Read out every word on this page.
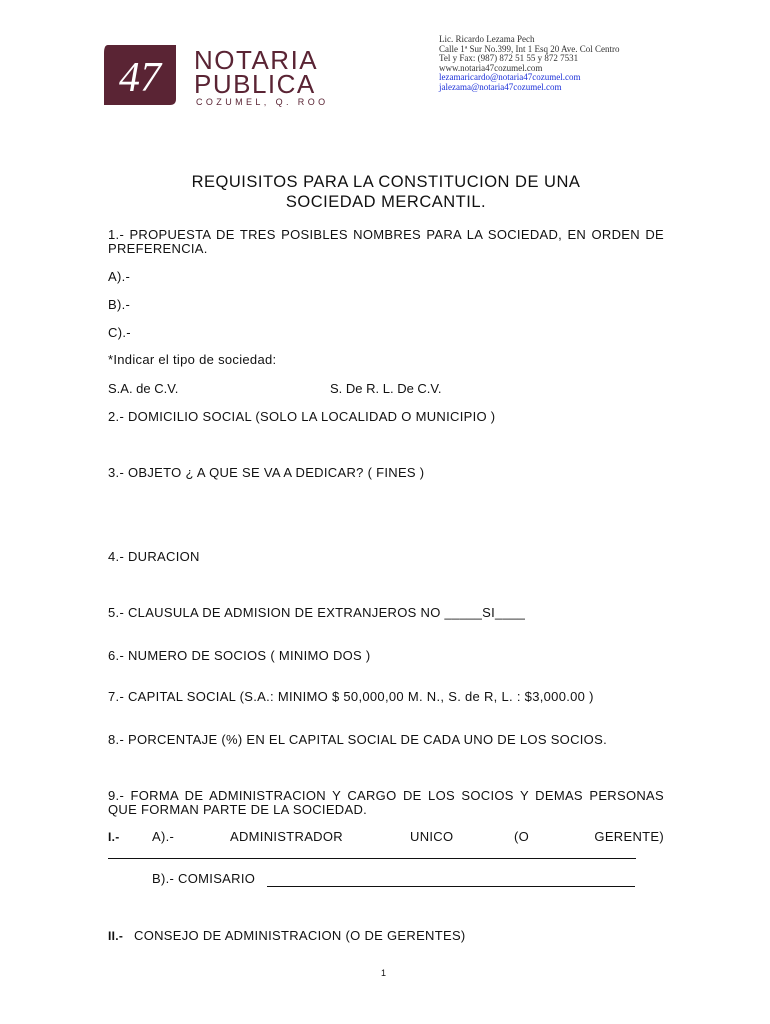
47 NOTARIA
PUBLICA
COZUMEL, Q. ROO
Lic. Ricardo Lezama Pech
Calle 1ª Sur No.399, Int 1 Esq 20 Ave. Col Centro
Tel y Fax: (987) 872 51 55 y 872 7531
www.notaria47cozumel.com
lezamaricardo@notaria47cozumel.com
jalezama@notaria47cozumel.com
REQUISITOS PARA LA CONSTITUCION DE UNA
SOCIEDAD MERCANTIL.

1.- PROPUESTA DE TRES POSIBLES NOMBRES PARA LA SOCIEDAD, EN ORDEN DE PREFERENCIA.

A).-

B).-

C).-

*Indicar el tipo de sociedad:

S.A. de C.V.	S. De R. L. De C.V.

2.- DOMICILIO SOCIAL (SOLO LA LOCALIDAD O MUNICIPIO )

3.- OBJETO ¿ A QUE SE VA A DEDICAR? ( FINES )

4.- DURACION

5.- CLAUSULA DE ADMISION DE EXTRANJEROS NO _____SI____

6.- NUMERO DE SOCIOS ( MINIMO DOS )

7.- CAPITAL SOCIAL (S.A.: MINIMO $ 50,000,00 M. N., S. de R, L. : $3,000.00 )

8.- PORCENTAJE (%) EN EL CAPITAL SOCIAL DE CADA UNO DE LOS SOCIOS.

9.- FORMA DE ADMINISTRACION Y CARGO DE LOS SOCIOS Y DEMAS PERSONAS QUE FORMAN PARTE DE LA SOCIEDAD.

I.- A).-	ADMINISTRADOR	UNICO	(O	GERENTE)
B).- COMISARIO
II.- CONSEJO DE ADMINISTRACION (O DE GERENTES)
1
